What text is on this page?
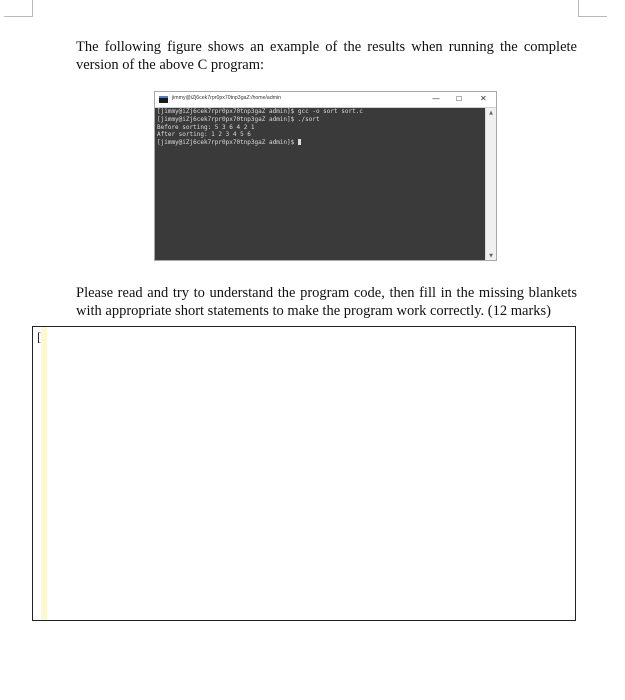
The following figure shows an example of the results when running the complete version of the above C program:

jimmy@iZj6cek7rpr0px70tnp3gaZ:/home/admin	— ☐ ✕
[jimmy@iZj6cek7rpr0px70tnp3gaZ admin]$ gcc -o sort sort.c
[jimmy@iZj6cek7rpr0px70tnp3gaZ admin]$ ./sort
Before sorting: 5 3 6 4 2 1
After sorting: 1 2 3 4 5 6
[jimmy@iZj6cek7rpr0px70tnp3gaZ admin]$
▲
▼

Please read and try to understand the program code, then fill in the missing blankets with appropriate short statements to make the program work correctly. (12 marks)

[
